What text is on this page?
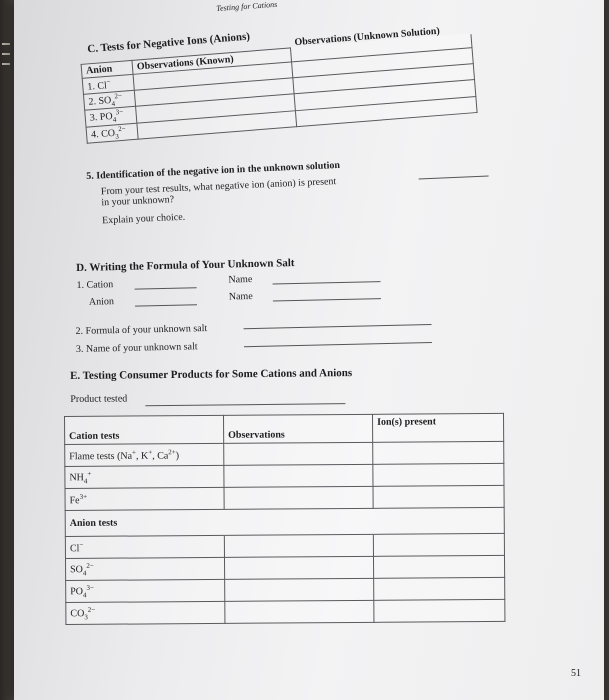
Testing for Cations
C. Tests for Negative Ions (Anions)
Anion	Observations (Known)	Observations (Unknown Solution)
1. Cl−		
2. $SO_4^{2-}$		
3. $PO_4^{3-}$		
4. $CO_3^{2-}$		
5. Identification of the negative ion in the unknown solution
From your test results, what negative ion (anion) is present
in your unknown?
Explain your choice.
D. Writing the Formula of Your Unknown Salt
1. Cation	Name
Anion	Name
2. Formula of your unknown salt
3. Name of your unknown salt
E. Testing Consumer Products for Some Cations and Anions
Product tested
Cation tests	Observations	Ion(s) present
Flame tests (Na+, K+, $Ca^{2+}$)		
$NH_4^+$		
$Fe^{3+}$		
Anion tests		
Cl−		
$SO_4^{2-}$		
$PO_4^{3-}$		
$CO_3^{2-}$		
51
